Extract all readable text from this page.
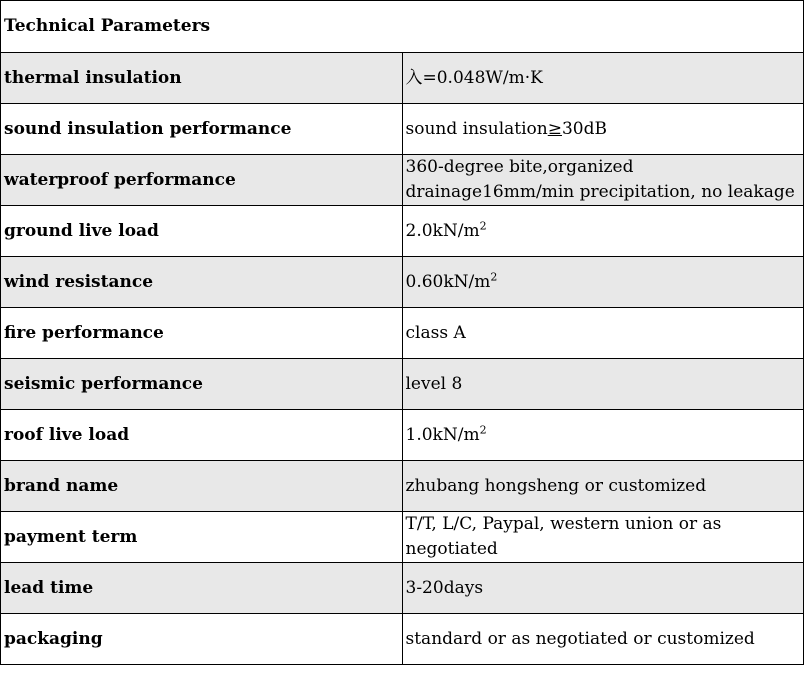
Technical Parameters	
thermal insulation	入=0.048W/m·K
sound insulation performance	sound insulation≥30dB
waterproof performance	360-degree bite,organized drainage16mm/min precipitation, no leakage
ground live load	$2.0kN/m^2$
wind resistance	$0.60kN/m^2$
fire performance	class A
seismic performance	level 8
roof live load	$1.0kN/m^2$
brand name	zhubang hongsheng or customized
payment term	T/T, L/C, Paypal, western union or as negotiated
lead time	3-20days
packaging	standard or as negotiated or customized
